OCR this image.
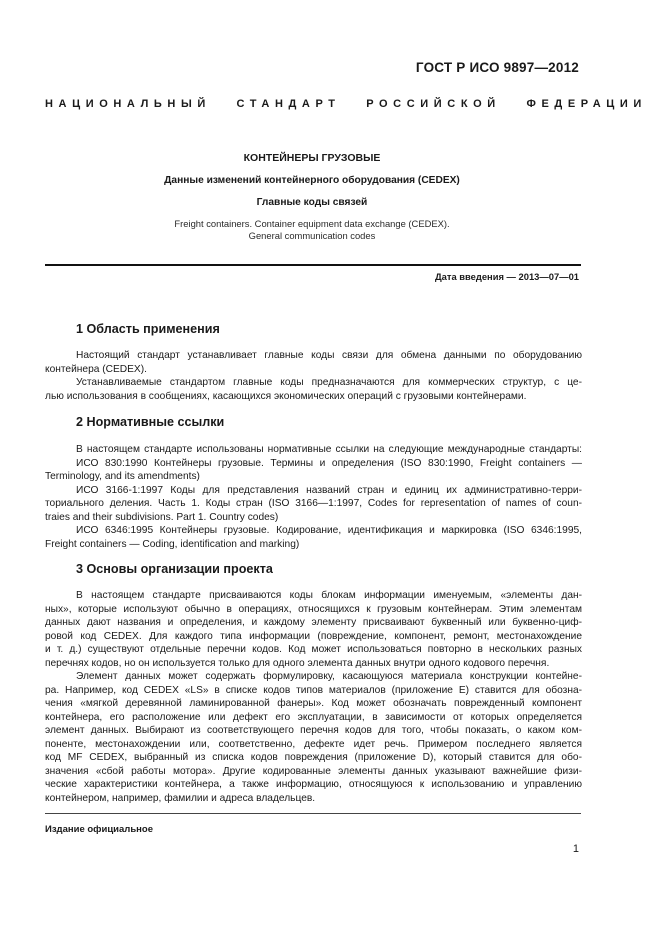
ГОСТ Р ИСО 9897—2012
НАЦИОНАЛЬНЫЙ СТАНДАРТ РОССИЙСКОЙ ФЕДЕРАЦИИ
КОНТЕЙНЕРЫ ГРУЗОВЫЕ
Данные изменений контейнерного оборудования (CEDEX)
Главные коды связей
Freight containers. Container equipment data exchange (CEDEX).
General communication codes
Дата введения — 2013—07—01
1 Область применения
Настоящий стандарт устанавливает главные коды связи для обмена данными по оборудованию
контейнера (CEDEX).
Устанавливаемые стандартом главные коды предназначаются для коммерческих структур, с це-
лью использования в сообщениях, касающихся экономических операций с грузовыми контейнерами.
2 Нормативные ссылки
В настоящем стандарте использованы нормативные ссылки на следующие международные стандарты:
ИСО 830:1990 Контейнеры грузовые. Термины и определения (ISO 830:1990, Freight containers —
Terminology, and its amendments)
ИСО 3166-1:1997 Коды для представления названий стран и единиц их административно-терри-
ториального деления. Часть 1. Коды стран (ISO 3166—1:1997, Codes for representation of names of coun-
traies and their subdivisions. Part 1. Country codes)
ИСО 6346:1995 Контейнеры грузовые. Кодирование, идентификация и маркировка (ISO 6346:1995,
Freight containers — Coding, identification and marking)
3 Основы организации проекта
В настоящем стандарте присваиваются коды блокам информации именуемым, «элементы дан-
ных», которые используют обычно в операциях, относящихся к грузовым контейнерам. Этим элементам
данных дают названия и определения, и каждому элементу присваивают буквенный или буквенно-циф-
ровой код CEDEX. Для каждого типа информации (повреждение, компонент, ремонт, местонахождение
и т. д.) существуют отдельные перечни кодов. Код может использоваться повторно в нескольких разных
перечнях кодов, но он используется только для одного элемента данных внутри одного кодового перечня.
Элемент данных может содержать формулировку, касающуюся материала конструкции контейне-
ра. Например, код CEDEX «LS» в списке кодов типов материалов (приложение Е) ставится для обозна-
чения «мягкой деревянной ламинированной фанеры». Код может обозначать поврежденный компонент
контейнера, его расположение или дефект его эксплуатации, в зависимости от которых определяется
элемент данных. Выбирают из соответствующего перечня кодов для того, чтобы показать, о каком ком-
поненте, местонахождении или, соответственно, дефекте идет речь. Примером последнего является
код MF CEDEX, выбранный из списка кодов повреждения (приложение D), который ставится для обо-
значения «сбой работы мотора». Другие кодированные элементы данных указывают важнейшие физи-
ческие характеристики контейнера, а также информацию, относящуюся к использованию и управлению
контейнером, например, фамилии и адреса владельцев.
Издание официальное
1
